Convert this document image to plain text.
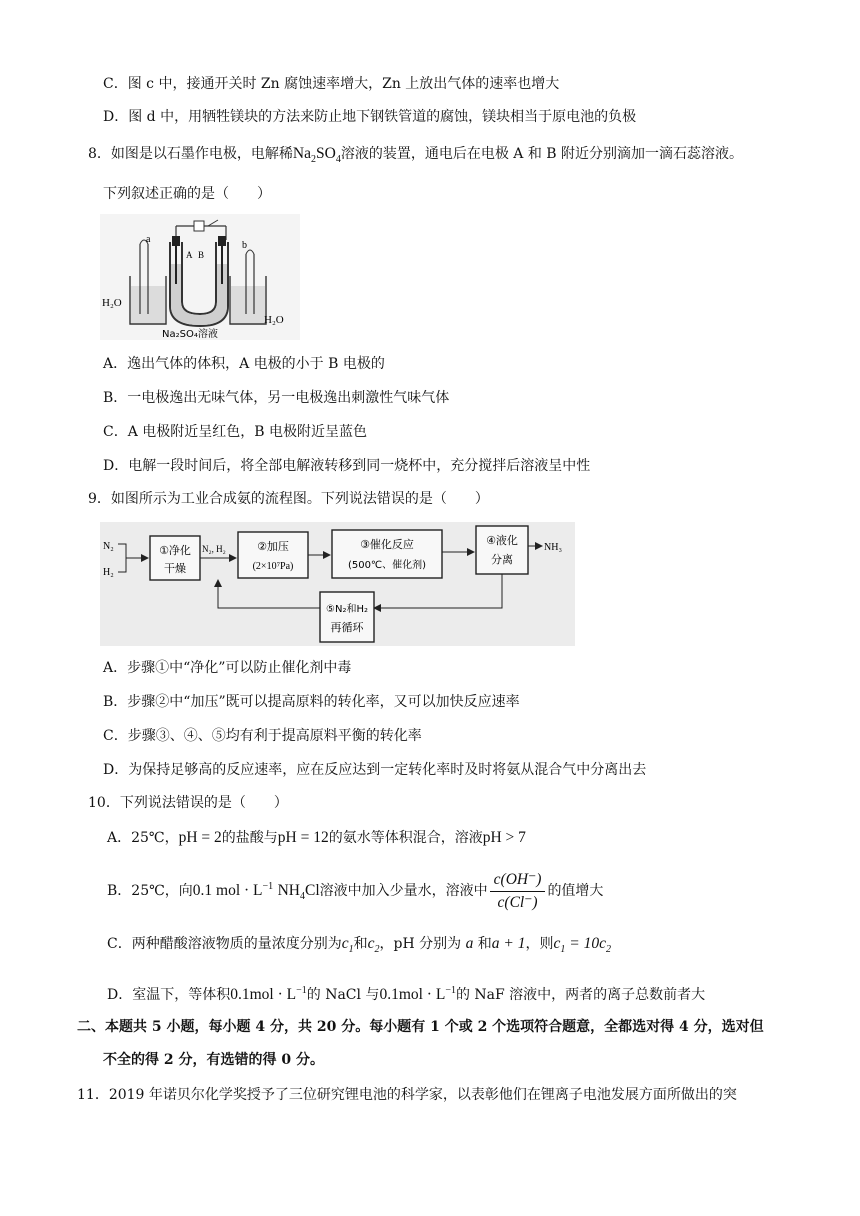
C．图 c 中，接通开关时 Zn 腐蚀速率增大，Zn 上放出气体的速率也增大
D．图 d 中，用牺牲镁块的方法来防止地下钢铁管道的腐蚀，镁块相当于原电池的负极
8．如图是以石墨作电极，电解稀$Na_2SO_4$溶液的装置，通电后在电极 A 和 B 附近分别滴加一滴石蕊溶液。
下列叙述正确的是（　　）
a
b
A B
H₂O
H₂O
Na₂SO₄溶液
A．逸出气体的体积，A 电极的小于 B 电极的
B．一电极逸出无味气体，另一电极逸出刺激性气味气体
C．A 电极附近呈红色，B 电极附近呈蓝色
D．电解一段时间后，将全部电解液转移到同一烧杯中，充分搅拌后溶液呈中性
9．如图所示为工业合成氨的流程图。下列说法错误的是（　　）
N₂
H₂
①净化
干燥
N₂, H₂	②加压
(2×10⁷Pa)
③催化反应
(500℃、催化剂)
④液化
分离
NH₃
⑤N₂和H₂
再循环
A．步骤①中“净化”可以防止催化剂中毒
B．步骤②中“加压”既可以提高原料的转化率，又可以加快反应速率
C．步骤③、④、⑤均有利于提高原料平衡的转化率
D．为保持足够高的反应速率，应在反应达到一定转化率时及时将氨从混合气中分离出去
10．下列说法错误的是（　　）
A．25℃，pH = 2的盐酸与pH = 12的氨水等体积混合，溶液pH > 7
B．25℃，向0.1 mol · $L^{-1}$ $NH_4Cl$溶液中加入少量水，溶液中 $\frac{c(OH^-)}{c(Cl^-)}$ 的值增大
C．两种醋酸溶液物质的量浓度分别为$c_1$和$c_2$，pH 分别为 a 和a + 1，则$c_1 = 10c_2$
D．室温下，等体积$0.1mol \cdot L^{-1}$的 NaCl 与$0.1mol \cdot L^{-1}$的 NaF 溶液中，两者的离子总数前者大
二、本题共 5 小题，每小题 4 分，共 20 分。每小题有 1 个或 2 个选项符合题意，全都选对得 4 分，选对但
不全的得 2 分，有选错的得 0 分。
11．2019 年诺贝尔化学奖授予了三位研究锂电池的科学家，以表彰他们在锂离子电池发展方面所做出的突
